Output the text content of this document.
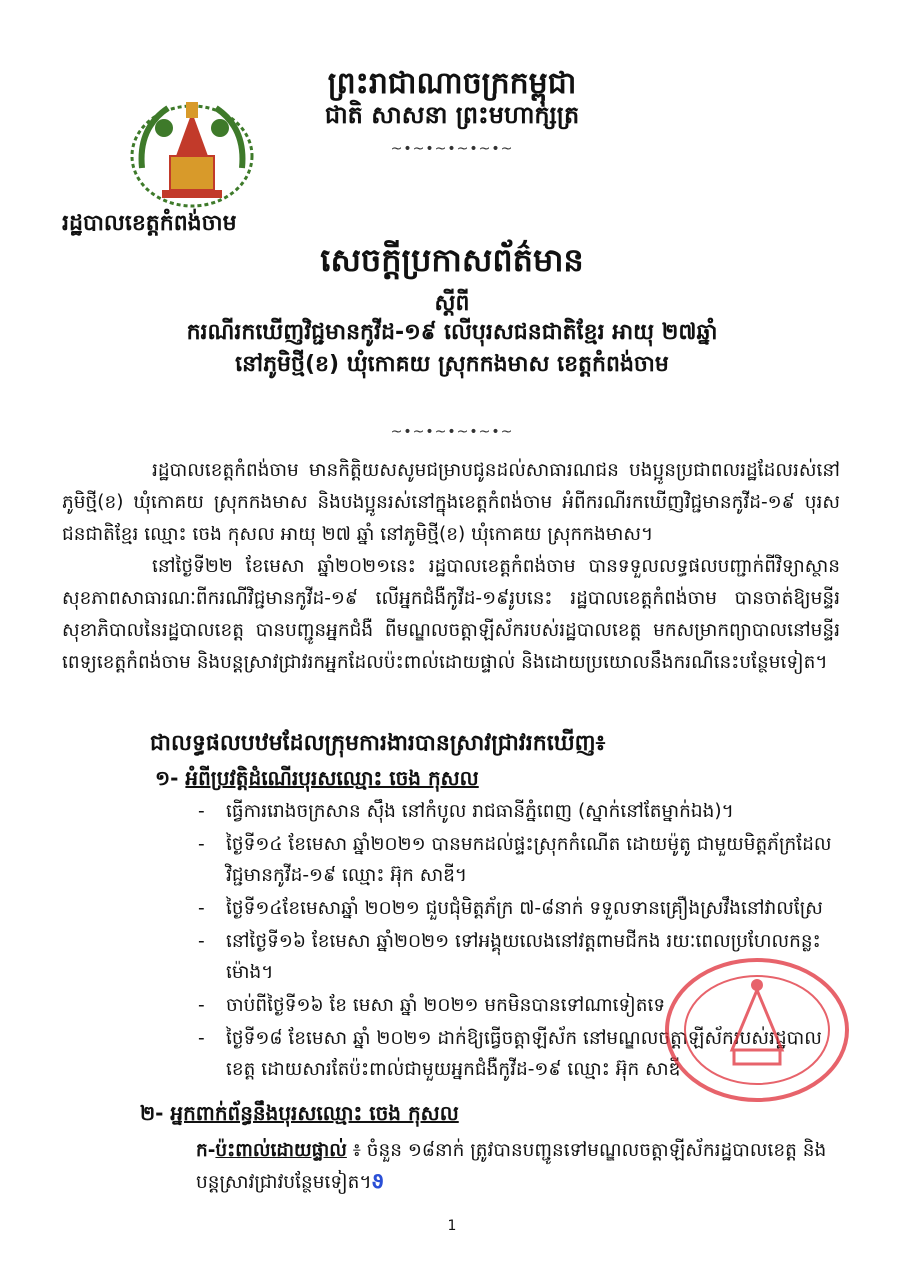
ព្រះរាជាណាចក្រកម្ពុជា
ជាតិ សាសនា ព្រះមហាក្សត្រ
~•~•~•~•~•~
រដ្ឋបាលខេត្តកំពង់ចាម
សេចក្តីប្រកាសព័ត៌មាន
ស្តីពី
ករណីរកឃើញវិជ្ជមានកូវីដ-១៩ លើបុរសជនជាតិខ្មែរ អាយុ ២៧ឆ្នាំ
នៅភូមិថ្មី(ខ) ឃុំកោគយ ស្រុកកងមាស ខេត្តកំពង់ចាម
~•~•~•~•~•~
រដ្ឋបាលខេត្តកំពង់ចាម មានកិត្តិយសសូមជម្រាបជូនដល់សាធារណជន បងប្អូនប្រជាពលរដ្ឋដែលរស់នៅភូមិថ្មី(ខ) ឃុំកោគយ ស្រុកកងមាស និងបងប្អូនរស់នៅក្នុងខេត្តកំពង់ចាម អំពីករណីរកឃើញវិជ្ជមានកូវីដ-១៩ បុរសជនជាតិខ្មែរ ឈ្មោះ ចេង កុសល អាយុ ២៧ ឆ្នាំ នៅភូមិថ្មី(ខ) ឃុំកោគយ ស្រុកកងមាស។
នៅថ្ងៃទី២២ ខែមេសា ឆ្នាំ២០២១នេះ រដ្ឋបាលខេត្តកំពង់ចាម បានទទួលលទ្ធផលបញ្ជាក់ពីវិទ្យាស្ថានសុខភាពសាធារណៈពីករណីវិជ្ជមានកូវីដ-១៩ លើអ្នកជំងឺកូវីដ-១៩រូបនេះ រដ្ឋបាលខេត្តកំពង់ចាម បានចាត់ឱ្យមន្ទីរសុខាភិបាលនៃរដ្ឋបាលខេត្ត បានបញ្ជូនអ្នកជំងឺ ពីមណ្ឌលចត្តាឡីស័ករបស់រដ្ឋបាលខេត្ត មកសម្រាកព្យាបាលនៅមន្ទីរពេទ្យខេត្តកំពង់ចាម និងបន្តស្រាវជ្រាវរកអ្នកដែលប៉ះពាល់ដោយផ្ទាល់ និងដោយប្រយោលនឹងករណីនេះបន្ថែមទៀត។
ជាលទ្ធផលបឋមដែលក្រុមការងារបានស្រាវជ្រាវរកឃើញ៖
១- អំពីប្រវត្តិដំណើរបុរសឈ្មោះ ចេង កុសល
- ធ្វើការរោងចក្រសាន ស៊ឹង នៅកំបូល រាជធានីភ្នំពេញ (ស្នាក់នៅតែម្នាក់ឯង)។
- ថ្ងៃទី១៤ ខែមេសា ឆ្នាំ២០២១ បានមកដល់ផ្ទះស្រុកកំណើត ដោយម៉ូតូ ជាមួយមិត្តភ័ក្រដែលវិជ្ជមានកូវីដ-១៩ ឈ្មោះ អ៊ុក សាឌី។
- ថ្ងៃទី១៤ខែមេសាឆ្នាំ ២០២១ ជួបជុំមិត្តភ័ក្រ ៧-៨នាក់ ទទួលទានគ្រឿងស្រវឹងនៅវាលស្រែ
- នៅថ្ងៃទី១៦ ខែមេសា ឆ្នាំ២០២១ ទៅអង្គុយលេងនៅវត្តពាមជីកង រយៈពេលប្រហែលកន្លះម៉ោង។
- ចាប់ពីថ្ងៃទី១៦ ខែ មេសា ឆ្នាំ ២០២១ មកមិនបានទៅណាទៀតទេ
- ថ្ងៃទី១៨ ខែមេសា ឆ្នាំ ២០២១ ដាក់ឱ្យធ្វើចត្តាឡីស័ក នៅមណ្ឌលចត្តាឡីស័ករបស់រដ្ឋបាលខេត្ត ដោយសារតែប៉ះពាល់ជាមួយអ្នកជំងឺកូវីដ-១៩ ឈ្មោះ អ៊ុក សាឌី
២- អ្នកពាក់ព័ន្ធនឹងបុរសឈ្មោះ ចេង កុសល
ក-ប៉ះពាល់ដោយផ្ទាល់ ៖ ចំនួន ១៨នាក់ ត្រូវបានបញ្ជូនទៅមណ្ឌលចត្តាឡីស័ករដ្ឋបាលខេត្ត និងបន្តស្រាវជ្រាវបន្ថែមទៀត។ϑ
1
